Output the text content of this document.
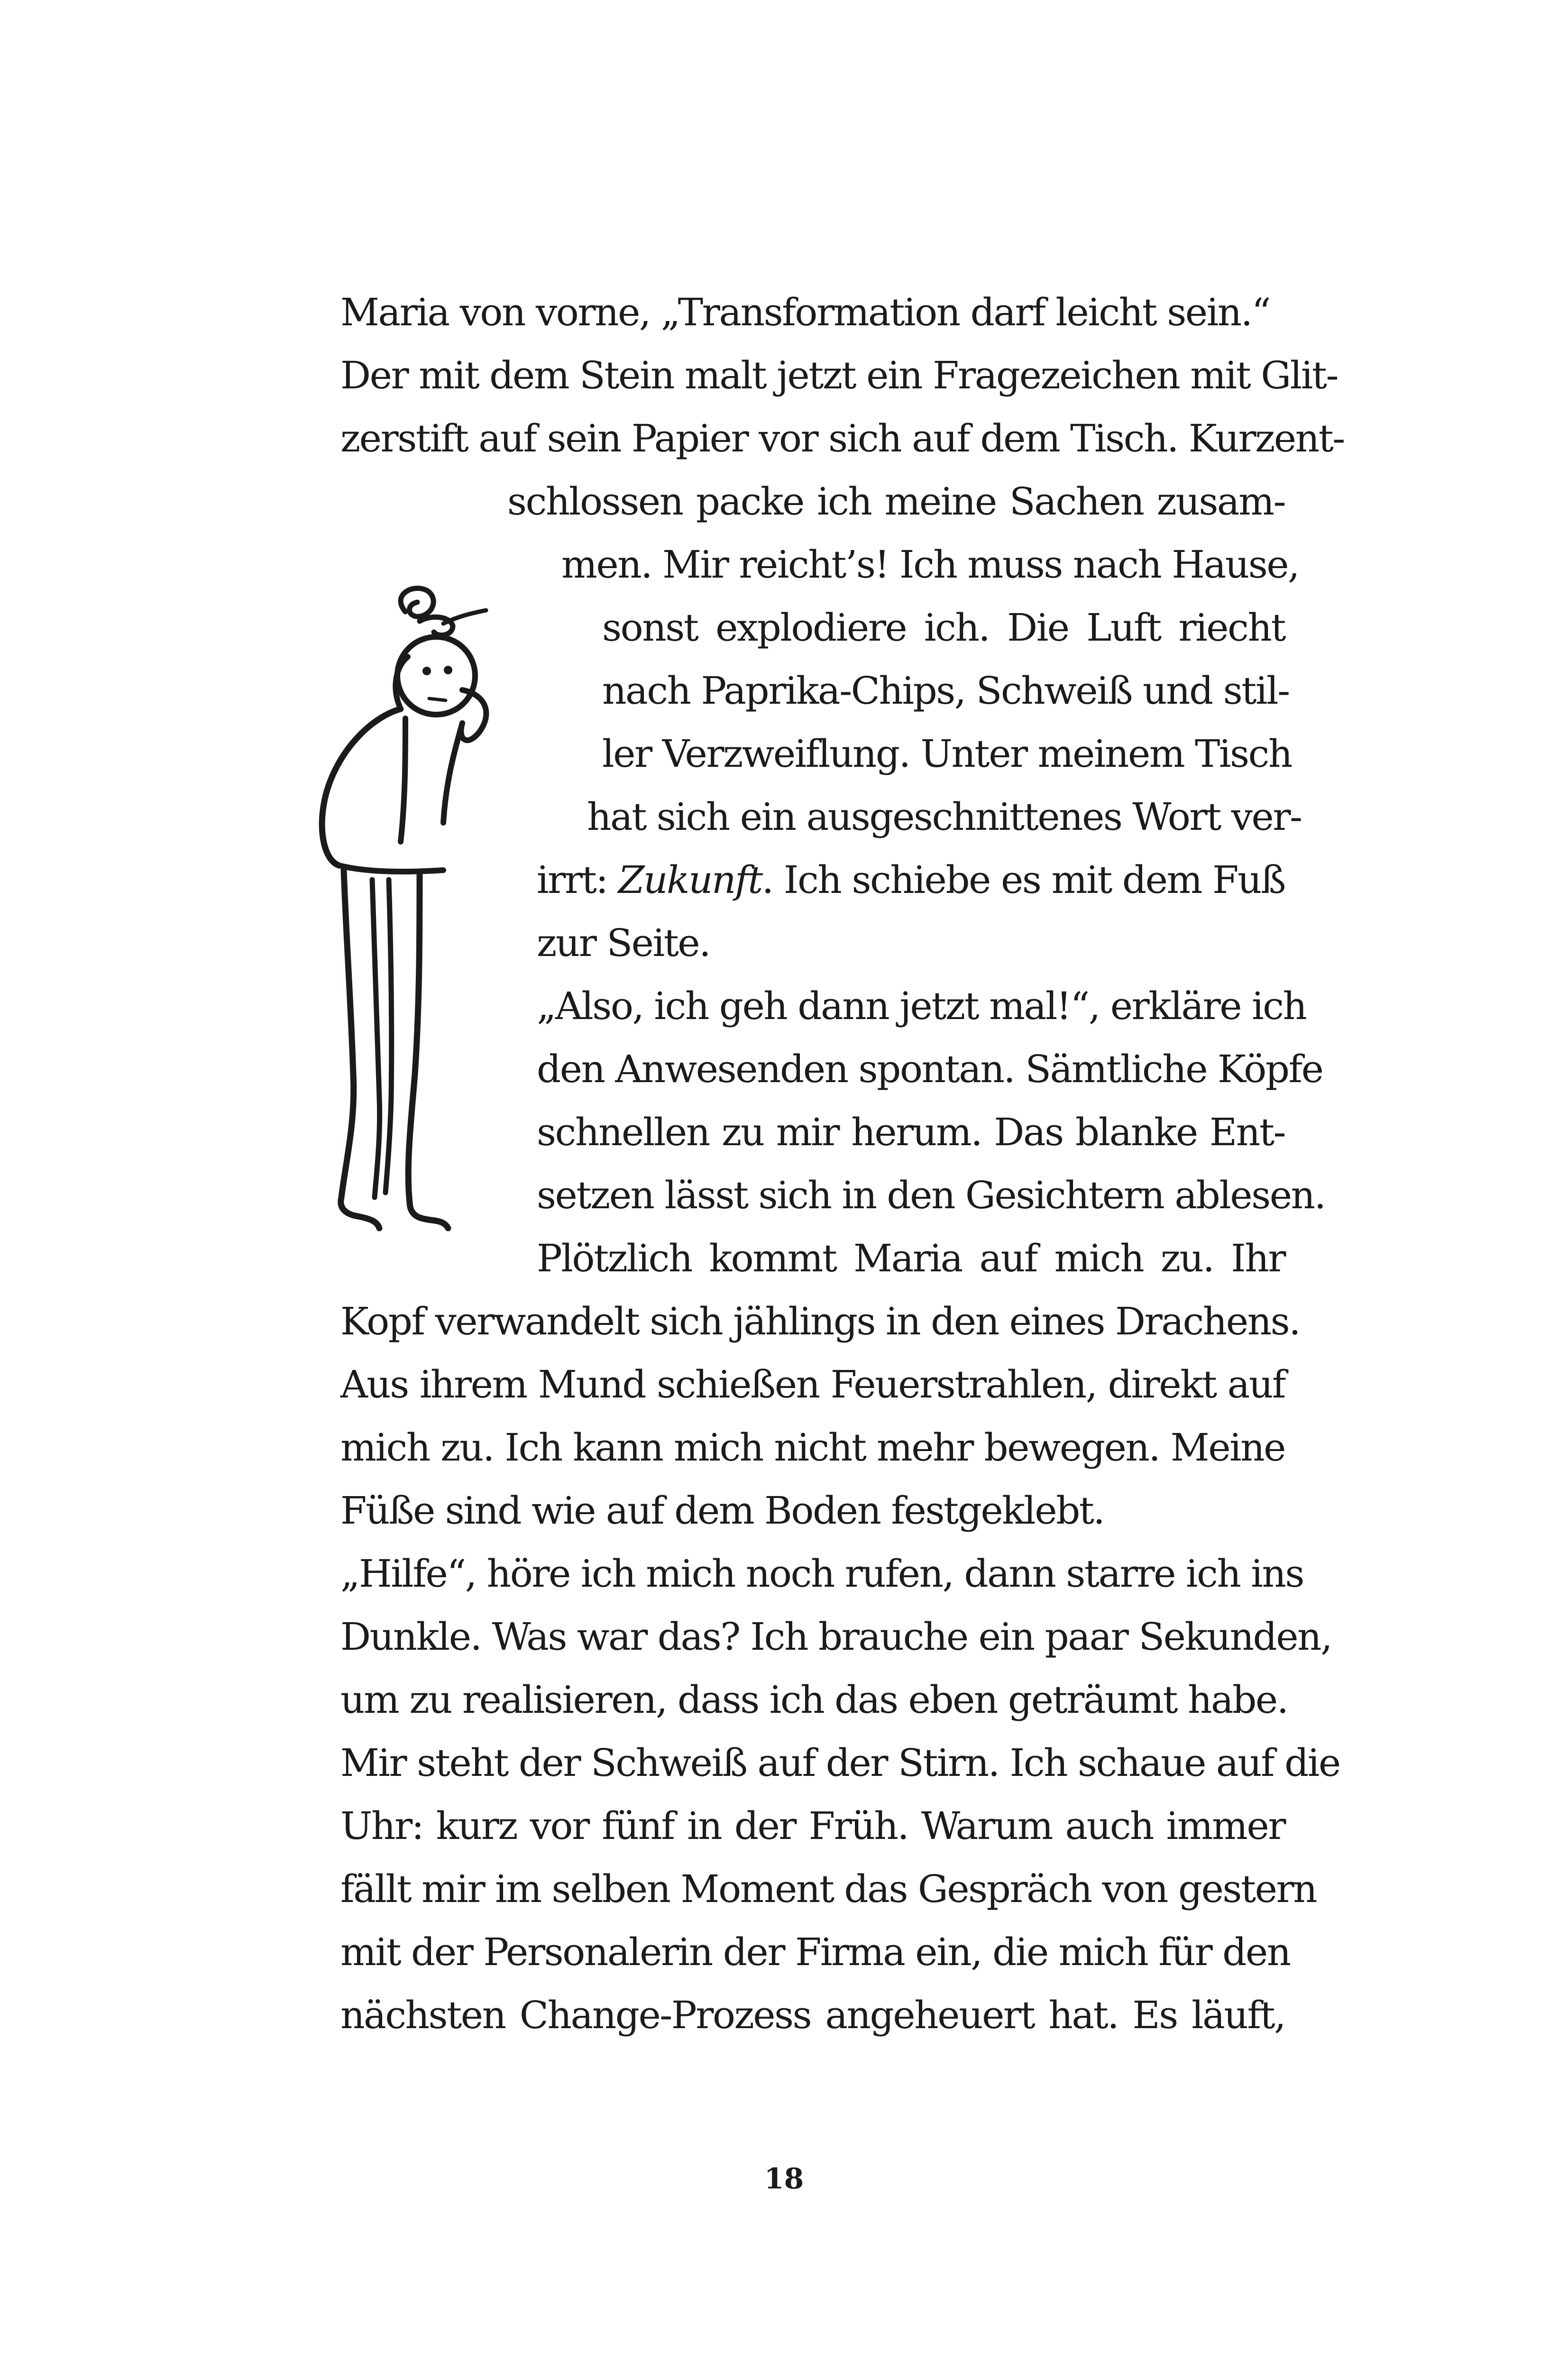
Maria von vorne, „Transformation darf leicht sein.“
Der mit dem Stein malt jetzt ein Fragezeichen mit Glit-
zerstift auf sein Papier vor sich auf dem Tisch. Kurzent-
schlossen packe ich meine Sachen zusam-
men. Mir reicht’s! Ich muss nach Hause,
sonst explodiere ich. Die Luft riecht
nach Paprika-Chips, Schweiß und stil-
ler Verzweiflung. Unter meinem Tisch
hat sich ein ausgeschnittenes Wort ver-
irrt: Zukunft. Ich schiebe es mit dem Fuß
zur Seite.
„Also, ich geh dann jetzt mal!“, erkläre ich
den Anwesenden spontan. Sämtliche Köpfe
schnellen zu mir herum. Das blanke Ent-
setzen lässt sich in den Gesichtern ablesen.
Plötzlich kommt Maria auf mich zu. Ihr
Kopf verwandelt sich jählings in den eines Drachens.
Aus ihrem Mund schießen Feuerstrahlen, direkt auf
mich zu. Ich kann mich nicht mehr bewegen. Meine
Füße sind wie auf dem Boden festgeklebt.
„Hilfe“, höre ich mich noch rufen, dann starre ich ins
Dunkle. Was war das? Ich brauche ein paar Sekunden,
um zu realisieren, dass ich das eben geträumt habe.
Mir steht der Schweiß auf der Stirn. Ich schaue auf die
Uhr: kurz vor fünf in der Früh. Warum auch immer
fällt mir im selben Moment das Gespräch von gestern
mit der Personalerin der Firma ein, die mich für den
nächsten Change-Prozess angeheuert hat. Es läuft,
18
